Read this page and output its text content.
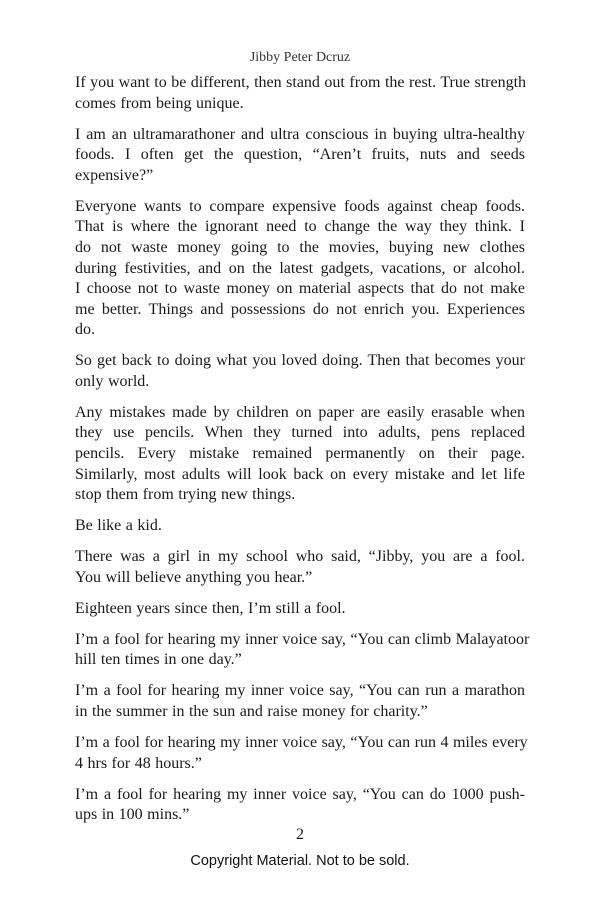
Jibby Peter Dcruz

If you want to be different, then stand out from the rest. True strength
comes from being unique.

I am an ultramarathoner and ultra conscious in buying ultra-healthy
foods. I often get the question, “Aren’t fruits, nuts and seeds
expensive?”

Everyone wants to compare expensive foods against cheap foods.
That is where the ignorant need to change the way they think. I
do not waste money going to the movies, buying new clothes
during festivities, and on the latest gadgets, vacations, or alcohol.
I choose not to waste money on material aspects that do not make
me better. Things and possessions do not enrich you. Experiences
do.

So get back to doing what you loved doing. Then that becomes your
only world.

Any mistakes made by children on paper are easily erasable when
they use pencils. When they turned into adults, pens replaced
pencils. Every mistake remained permanently on their page.
Similarly, most adults will look back on every mistake and let life
stop them from trying new things.

Be like a kid.

There was a girl in my school who said, “Jibby, you are a fool.
You will believe anything you hear.”

Eighteen years since then, I’m still a fool.

I’m a fool for hearing my inner voice say, “You can climb Malayatoor
hill ten times in one day.”

I’m a fool for hearing my inner voice say, “You can run a marathon
in the summer in the sun and raise money for charity.”

I’m a fool for hearing my inner voice say, “You can run 4 miles every
4 hrs for 48 hours.”

I’m a fool for hearing my inner voice say, “You can do 1000 push-
ups in 100 mins.”

2
Copyright Material. Not to be sold.
